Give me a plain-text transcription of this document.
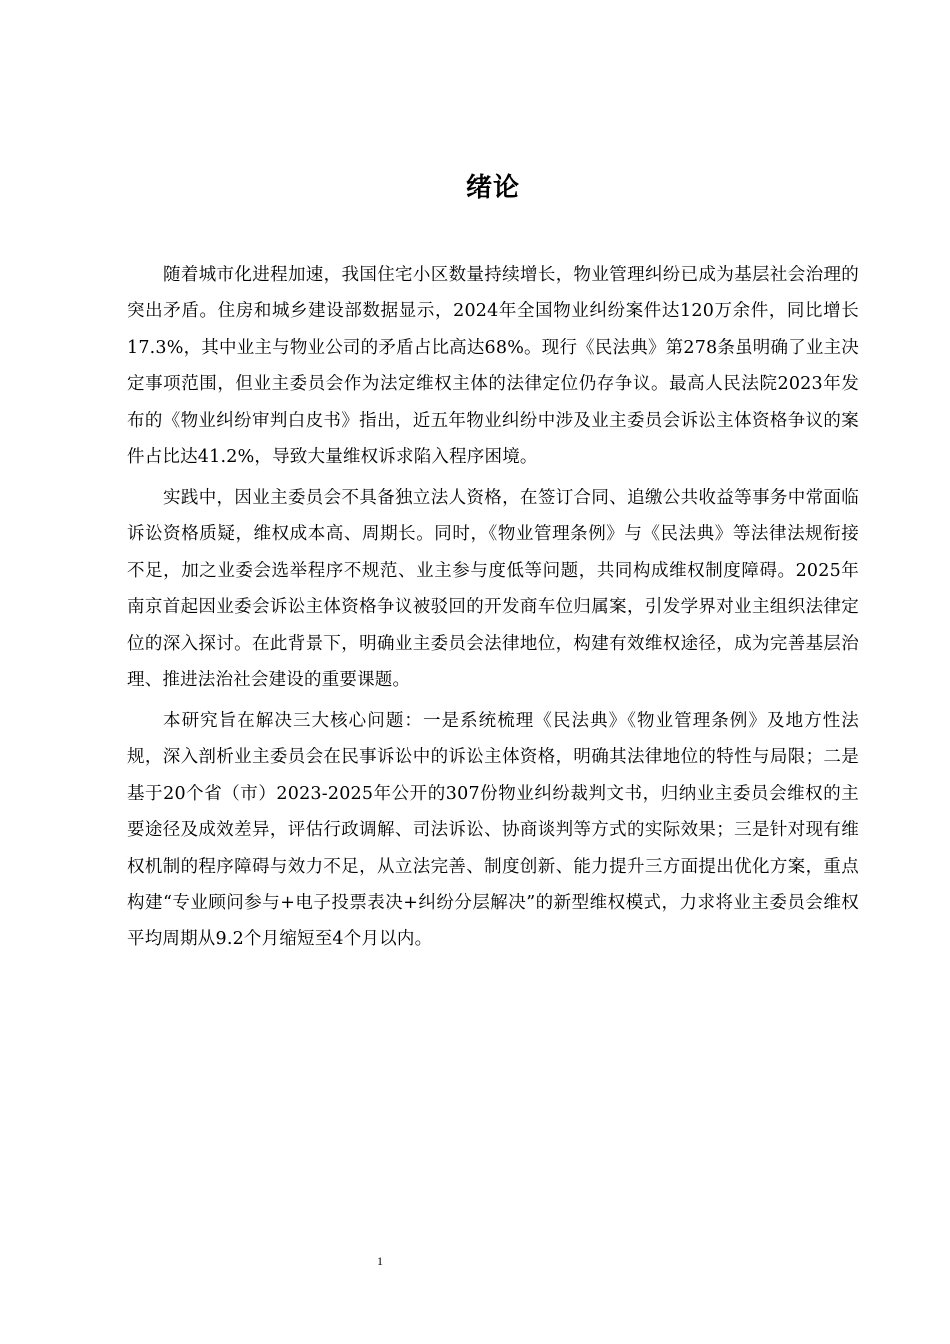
绪论

随着城市化进程加速，我国住宅小区数量持续增长，物业管理纠纷已成为基层社会治理的突出矛盾。住房和城乡建设部数据显示，2024年全国物业纠纷案件达120万余件，同比增长17.3%，其中业主与物业公司的矛盾占比高达68%。现行《民法典》第278条虽明确了业主决定事项范围，但业主委员会作为法定维权主体的法律定位仍存争议。最高人民法院2023年发布的《物业纠纷审判白皮书》指出，近五年物业纠纷中涉及业主委员会诉讼主体资格争议的案件占比达41.2%，导致大量维权诉求陷入程序困境。

实践中，因业主委员会不具备独立法人资格，在签订合同、追缴公共收益等事务中常面临诉讼资格质疑，维权成本高、周期长。同时，《物业管理条例》与《民法典》等法律法规衔接不足，加之业委会选举程序不规范、业主参与度低等问题，共同构成维权制度障碍。2025年南京首起因业委会诉讼主体资格争议被驳回的开发商车位归属案，引发学界对业主组织法律定位的深入探讨。在此背景下，明确业主委员会法律地位，构建有效维权途径，成为完善基层治理、推进法治社会建设的重要课题。

本研究旨在解决三大核心问题：一是系统梳理《民法典》《物业管理条例》及地方性法规，深入剖析业主委员会在民事诉讼中的诉讼主体资格，明确其法律地位的特性与局限；二是基于20个省（市）2023-2025年公开的307份物业纠纷裁判文书，归纳业主委员会维权的主要途径及成效差异，评估行政调解、司法诉讼、协商谈判等方式的实际效果；三是针对现有维权机制的程序障碍与效力不足，从立法完善、制度创新、能力提升三方面提出优化方案，重点构建“专业顾问参与+电子投票表决+纠纷分层解决”的新型维权模式，力求将业主委员会维权平均周期从9.2个月缩短至4个月以内。

1
